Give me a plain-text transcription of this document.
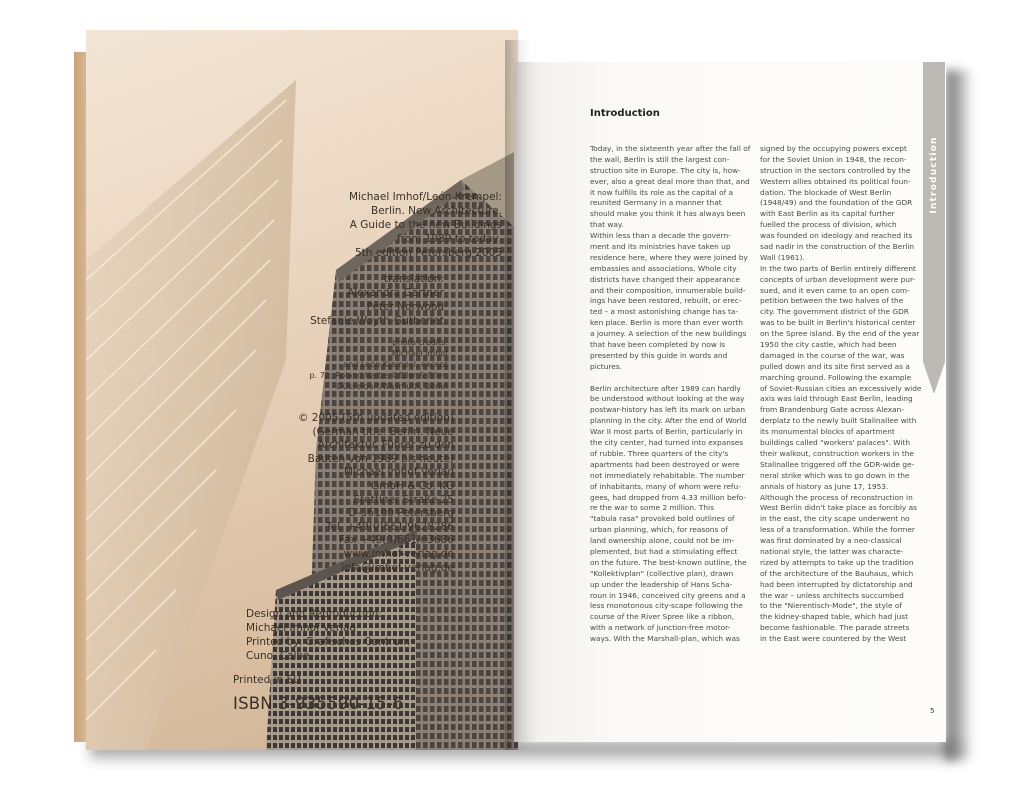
Michael Imhof/León Krempel:
Berlin. New Architecture.
A Guide to the new Buildings
from 1989 to today,
5th edition Petersberg 2005
translation:
Alexandra Gärtner
Peter Norwood
Stefanie Woyth-Gutberlet
photo credits:
Michael Imhof
and León Krempel, except
p. 70: Roland Halbe ©Eller & Eller,
Düsseldorf/Wasmuth, Berlin
© 2005 (5th updated edition)
(German title: Berlin. Neue
Architektur. Führer zu den
Bauten von 1989 bis heute)
Michael Imhof Verlag
GmbH & Co. KG
Stettiner Straße 25
D-36100 Petersberg
Tel. +49(0)661/9628286
Fax +49(0)661/63686
www.imhof-verlag.de
info@imhof-verlag.de
Design and Reproduction:
Michael Imhof Verlag
Printed by: Grafisches Centrum
Cuno, Calbe
Printed in EU
ISBN 3-935590-15-6
Introduction
Introduction
Today, in the sixteenth year after the fall of
the wall, Berlin is still the largest con-
struction site in Europe. The city is, how-
ever, also a great deal more than that, and
it now fulfills its role as the capital of a
reunited Germany in a manner that
should make you think it has always been
that way.
Within less than a decade the govern-
ment and its ministries have taken up
residence here, where they were joined by
embassies and associations. Whole city
districts have changed their appearance
and their composition, innumerable build-
ings have been restored, rebuilt, or erec-
ted – a most astonishing change has ta-
ken place. Berlin is more than ever worth
a journey. A selection of the new buildings
that have been completed by now is
presented by this guide in words and
pictures.
Berlin architecture after 1989 can hardly
be understood without looking at the way
postwar-history has left its mark on urban
planning in the city. After the end of World
War II most parts of Berlin, particularly in
the city center, had turned into expanses
of rubble. Three quarters of the city's
apartments had been destroyed or were
not immediately rehabitable. The number
of inhabitants, many of whom were refu-
gees, had dropped from 4.33 million befo-
re the war to some 2 million. This
"tabula rasa" provoked bold outlines of
urban planning, which, for reasons of
land ownership alone, could not be im-
plemented, but had a stimulating effect
on the future. The best-known outline, the
"Kollektivplan" (collective plan), drawn
up under the leadership of Hans Scha-
roun in 1946, conceived city greens and a
less monotonous city-scape following the
course of the River Spree like a ribbon,
with a network of junction-free motor-
ways. With the Marshall-plan, which was
signed by the occupying powers except
for the Soviet Union in 1948, the recon-
struction in the sectors controlled by the
Western allies obtained its political foun-
dation. The blockade of West Berlin
(1948/49) and the foundation of the GDR
with East Berlin as its capital further
fuelled the process of division, which
was founded on ideology and reached its
sad nadir in the construction of the Berlin
Wall (1961).
In the two parts of Berlin entirely different
concepts of urban development were pur-
sued, and it even came to an open com-
petition between the two halves of the
city. The government district of the GDR
was to be built in Berlin's historical center
on the Spree island. By the end of the year
1950 the city castle, which had been
damaged in the course of the war, was
pulled down and its site first served as a
marching ground. Following the example
of Soviet-Russian cities an excessively wide
axis was laid through East Berlin, leading
from Brandenburg Gate across Alexan-
derplatz to the newly built Stalinallee with
its monumental blocks of apartment
buildings called "workers' palaces". With
their walkout, construction workers in the
Stalinallee triggered off the GDR-wide ge-
neral strike which was to go down in the
annals of history as June 17, 1953.
Although the process of reconstruction in
West Berlin didn't take place as forcibly as
in the east, the city scape underwent no
less of a transformation. While the former
was first dominated by a neo-classical
national style, the latter was characte-
rized by attempts to take up the tradition
of the architecture of the Bauhaus, which
had been interrupted by dictatorship and
the war – unless architects succumbed
to the "Nierentisch-Mode", the style of
the kidney-shaped table, which had just
become fashionable. The parade streets
in the East were countered by the West
5
